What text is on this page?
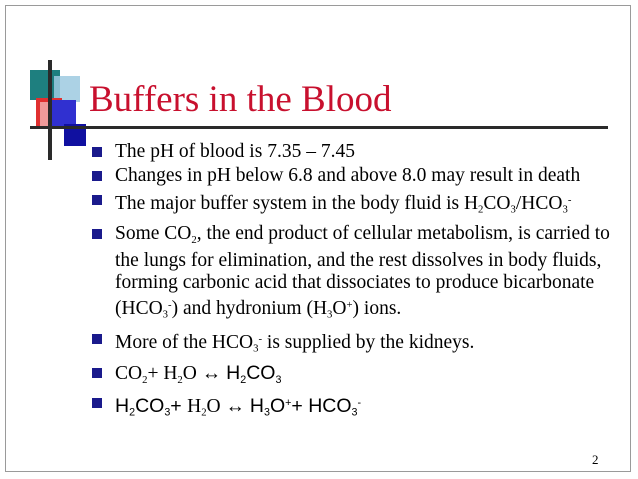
Buffers in the Blood
The pH of blood is 7.35 – 7.45
Changes in pH below 6.8 and above 8.0 may result in death
The major buffer system in the body fluid is $H_2CO_3/HCO_3^-$
Some $CO_2$, the end product of cellular metabolism, is carried to the lungs for elimination, and the rest dissolves in body fluids, forming carbonic acid that dissociates to produce bicarbonate $(HCO_3^-)$ and hydronium $(H_3O^+)$ ions.
More of the $HCO_3^-$ is supplied by the kidneys.
$CO_2+ H_2O$ ↔ $H_2CO_3$
$H_2CO_3+ H_2O$ ↔ $H_3O^++ HCO_3^-$
2
